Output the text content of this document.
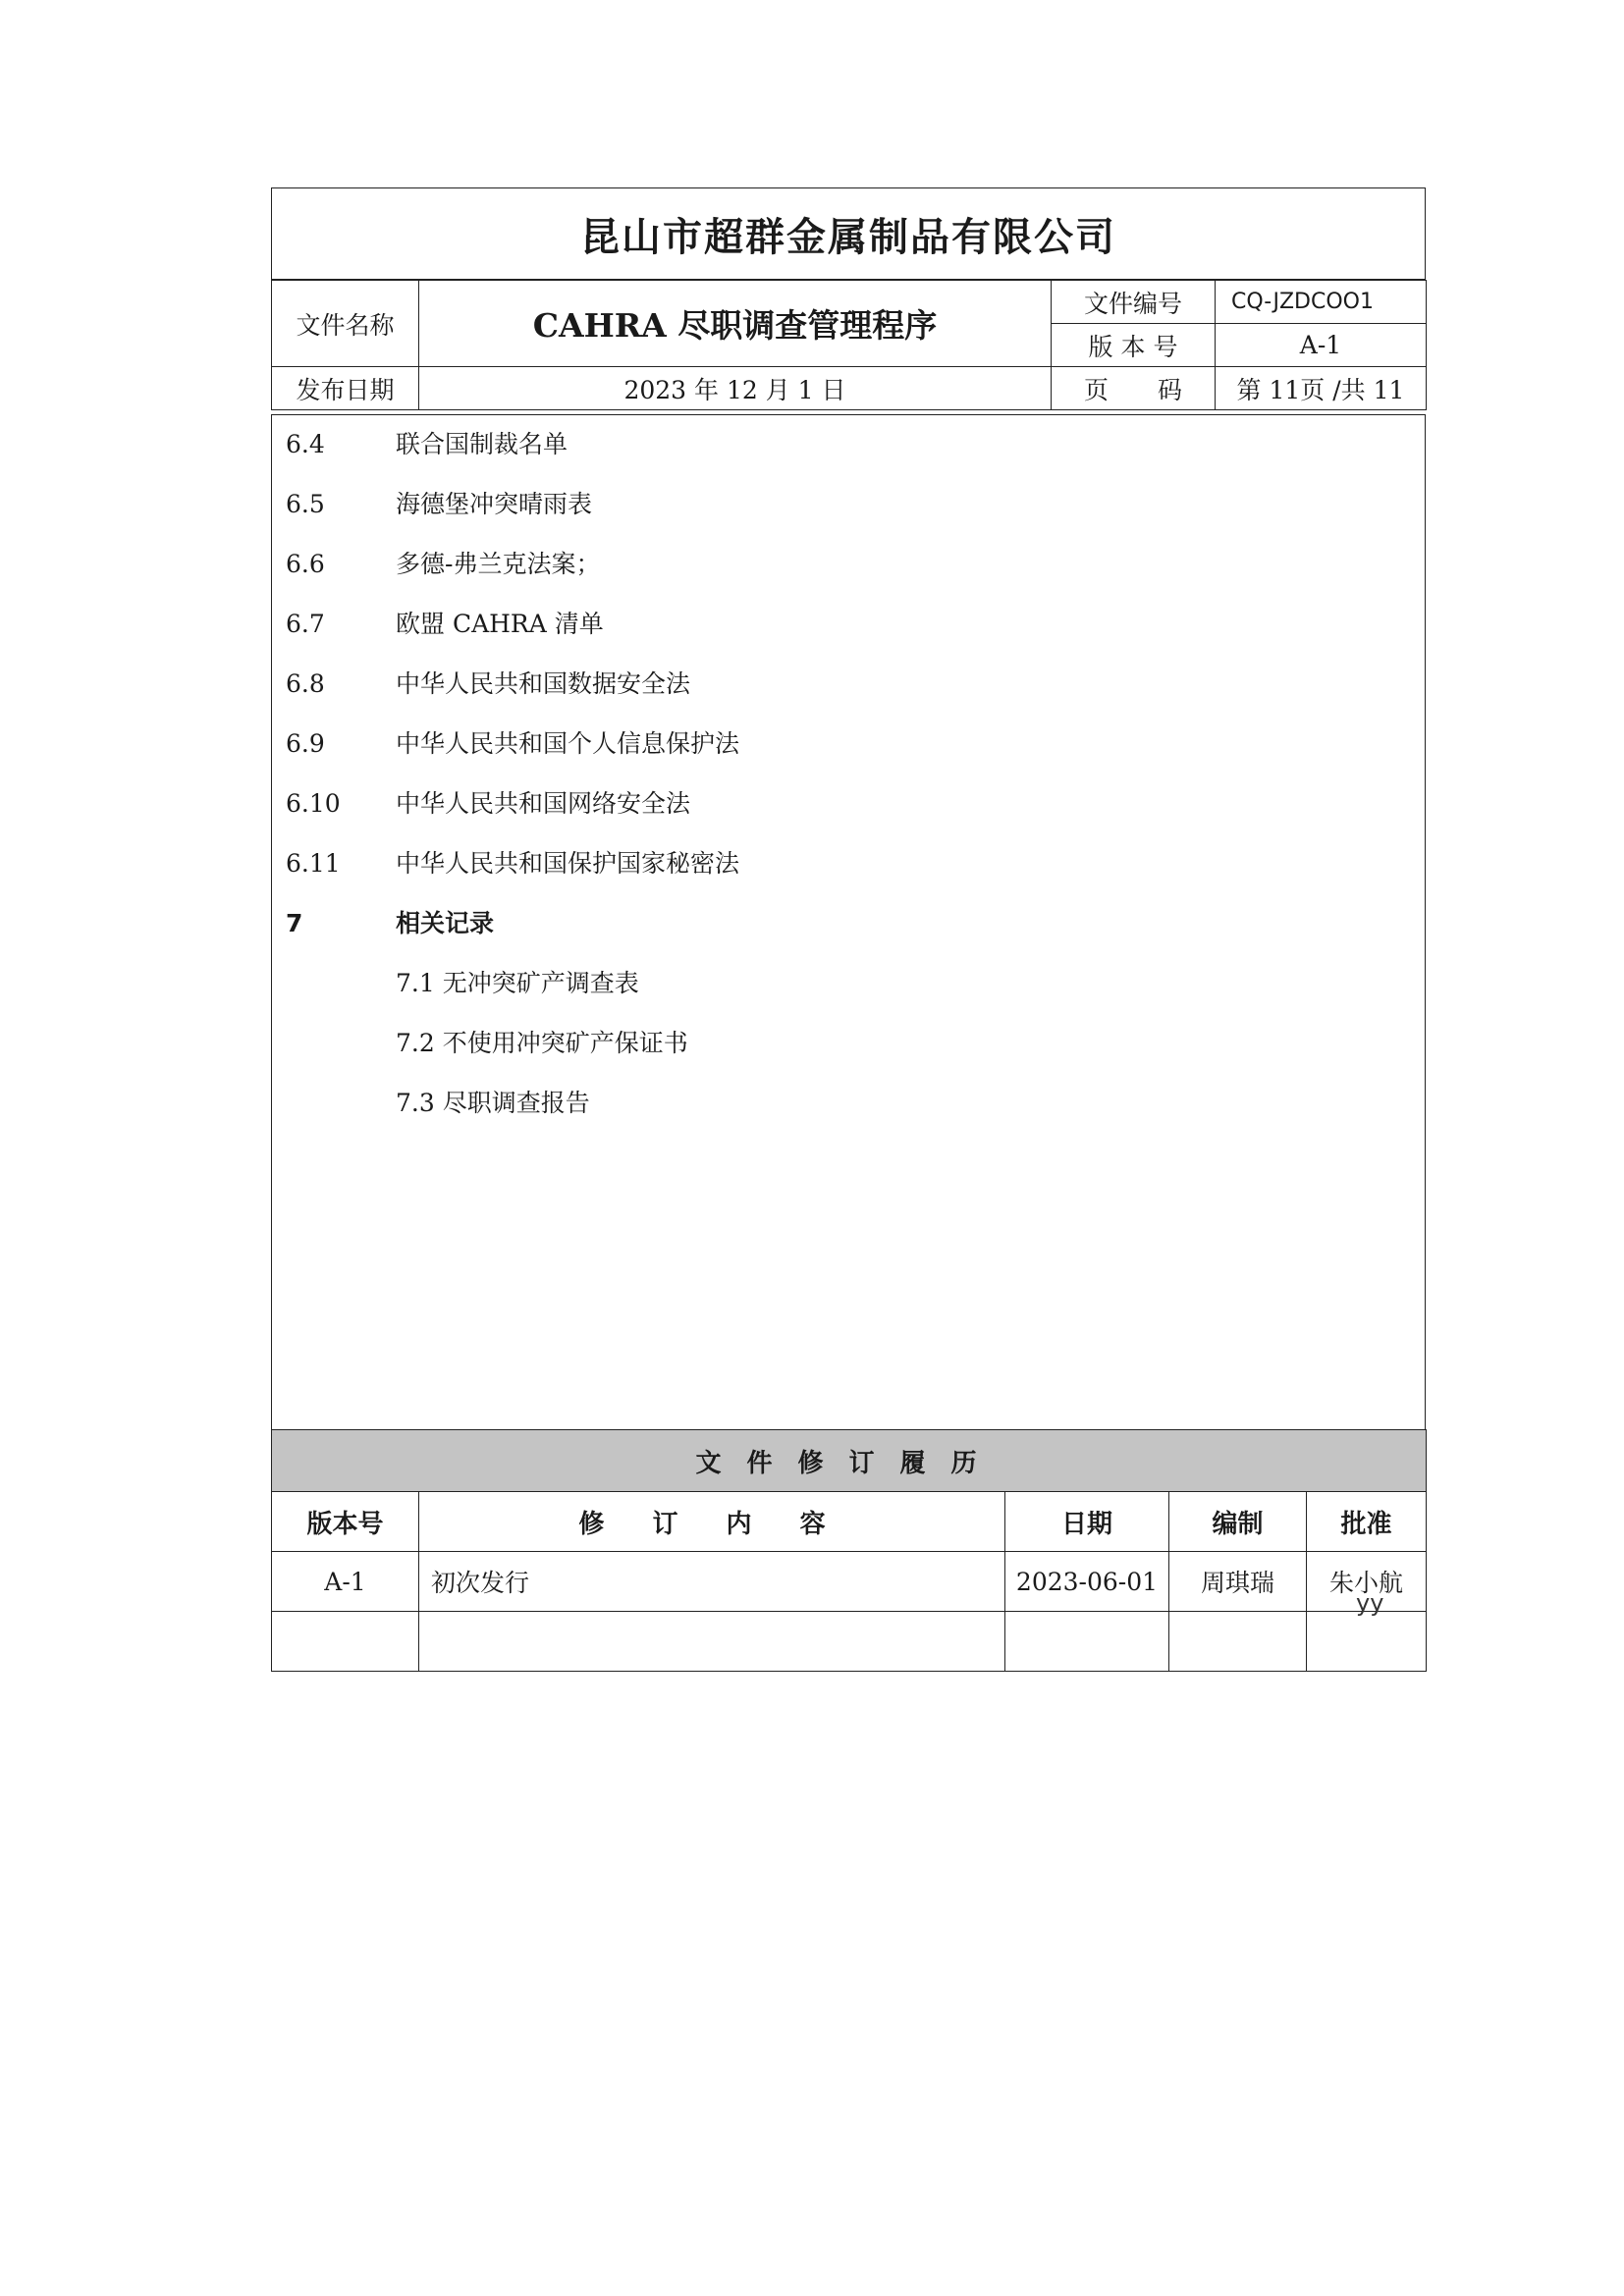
昆山市超群金属制品有限公司
文件名称	CAHRA 尽职调查管理程序	文件编号	CQ-JZDCOO1
		版 本 号	A-1
发布日期	2023 年 12 月 1 日	页　　码	第 11页 /共 11
6.4	联合国制裁名单
6.5	海德堡冲突晴雨表
6.6	多德-弗兰克法案；
6.7	欧盟 CAHRA 清单
6.8	中华人民共和国数据安全法
6.9	中华人民共和国个人信息保护法
6.10	中华人民共和国网络安全法
6.11	中华人民共和国保护国家秘密法
7	相关记录
7.1 无冲突矿产调查表
7.2 不使用冲突矿产保证书
7.3 尽职调查报告
文件修订履历				
版本号	修 订 内 容	日期	编制	批准
A-1	初次发行	2023-06-01	周琪瑞	朱小航
yy
